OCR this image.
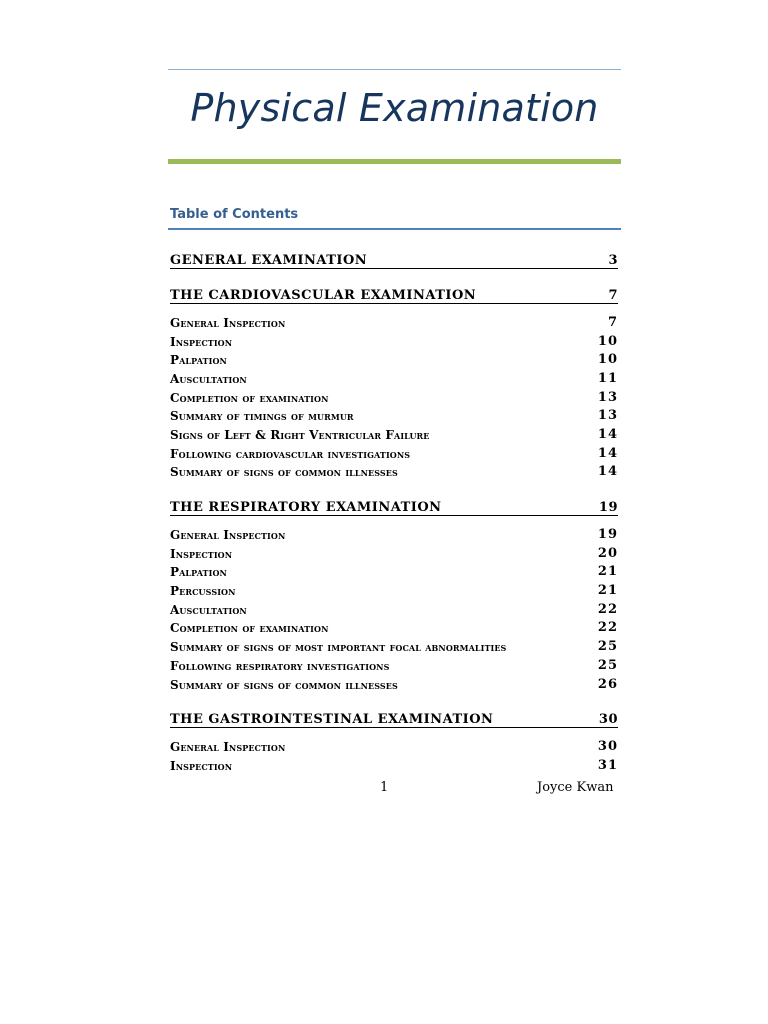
Physical Examination
Table of Contents
GENERAL EXAMINATION	3
THE CARDIOVASCULAR EXAMINATION	7
General Inspection	7
Inspection	10
Palpation	10
Auscultation	11
Completion of examination	13
Summary of timings of murmur	13
Signs of Left & Right Ventricular Failure	14
Following cardiovascular investigations	14
Summary of signs of common illnesses	14
THE RESPIRATORY EXAMINATION	19
General Inspection	19
Inspection	20
Palpation	21
Percussion	21
Auscultation	22
Completion of examination	22
Summary of signs of most important focal abnormalities	25
Following respiratory investigations	25
Summary of signs of common illnesses	26
THE GASTROINTESTINAL EXAMINATION	30
General Inspection	30
Inspection	31
1	Joyce Kwan
